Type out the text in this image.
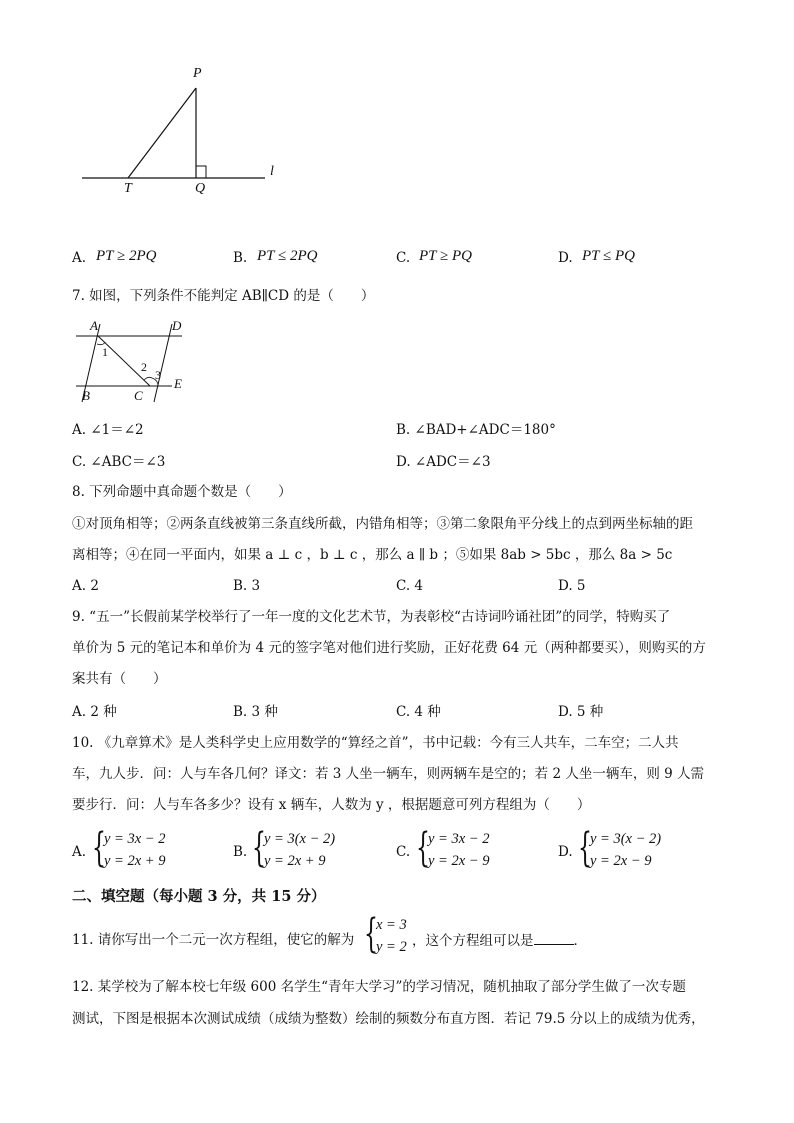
P
T	Q
l
A. PT ≥ 2PQ	B. PT ≤ 2PQ	C. PT ≥ PQ	D. PT ≤ PQ
7. 如图，下列条件不能判定 AB∥CD 的是（　　）
A	D
1
2
3
E
B	C
A. ∠1＝∠2	B. ∠BAD+∠ADC＝180°
C. ∠ABC＝∠3	D. ∠ADC＝∠3
8. 下列命题中真命题个数是（　　）
①对顶角相等；②两条直线被第三条直线所截，内错角相等；③第二象限角平分线上的点到两坐标轴的距
离相等；④在同一平面内，如果 a ⊥ c ，b ⊥ c ，那么 a ∥ b ；⑤如果 8ab > 5bc ，那么 8a > 5c
A. 2	B. 3	C. 4	D. 5
9. “五一”长假前某学校举行了一年一度的文化艺术节，为表彰校“古诗词吟诵社团”的同学，特购买了
单价为 5 元的笔记本和单价为 4 元的签字笔对他们进行奖励，正好花费 64 元（两种都要买），则购买的方
案共有（　　）
A. 2 种	B. 3 种	C. 4 种	D. 5 种
10. 《九章算术》是人类科学史上应用数学的“算经之首”，书中记载：今有三人共车，二车空；二人共
车，九人步．问：人与车各几何？译文：若 3 人坐一辆车，则两辆车是空的；若 2 人坐一辆车，则 9 人需
要步行．问：人与车各多少？设有 x 辆车，人数为 y ，根据题意可列方程组为（　　）
A. {
y = 3x − 2
y = 2x + 9
B. {
y = 3(x − 2)
y = 2x + 9
C. {
y = 3x − 2
y = 2x − 9
D. {
y = 3(x − 2)
y = 2x − 9
二、填空题（每小题 3 分，共 15 分）
11. 请你写出一个二元一次方程组，使它的解为 {
x = 3
y = 2 ，这个方程组可以是	．
12. 某学校为了解本校七年级 600 名学生“青年大学习”的学习情况，随机抽取了部分学生做了一次专题
测试，下图是根据本次测试成绩（成绩为整数）绘制的频数分布直方图．若记 79.5 分以上的成绩为优秀，
